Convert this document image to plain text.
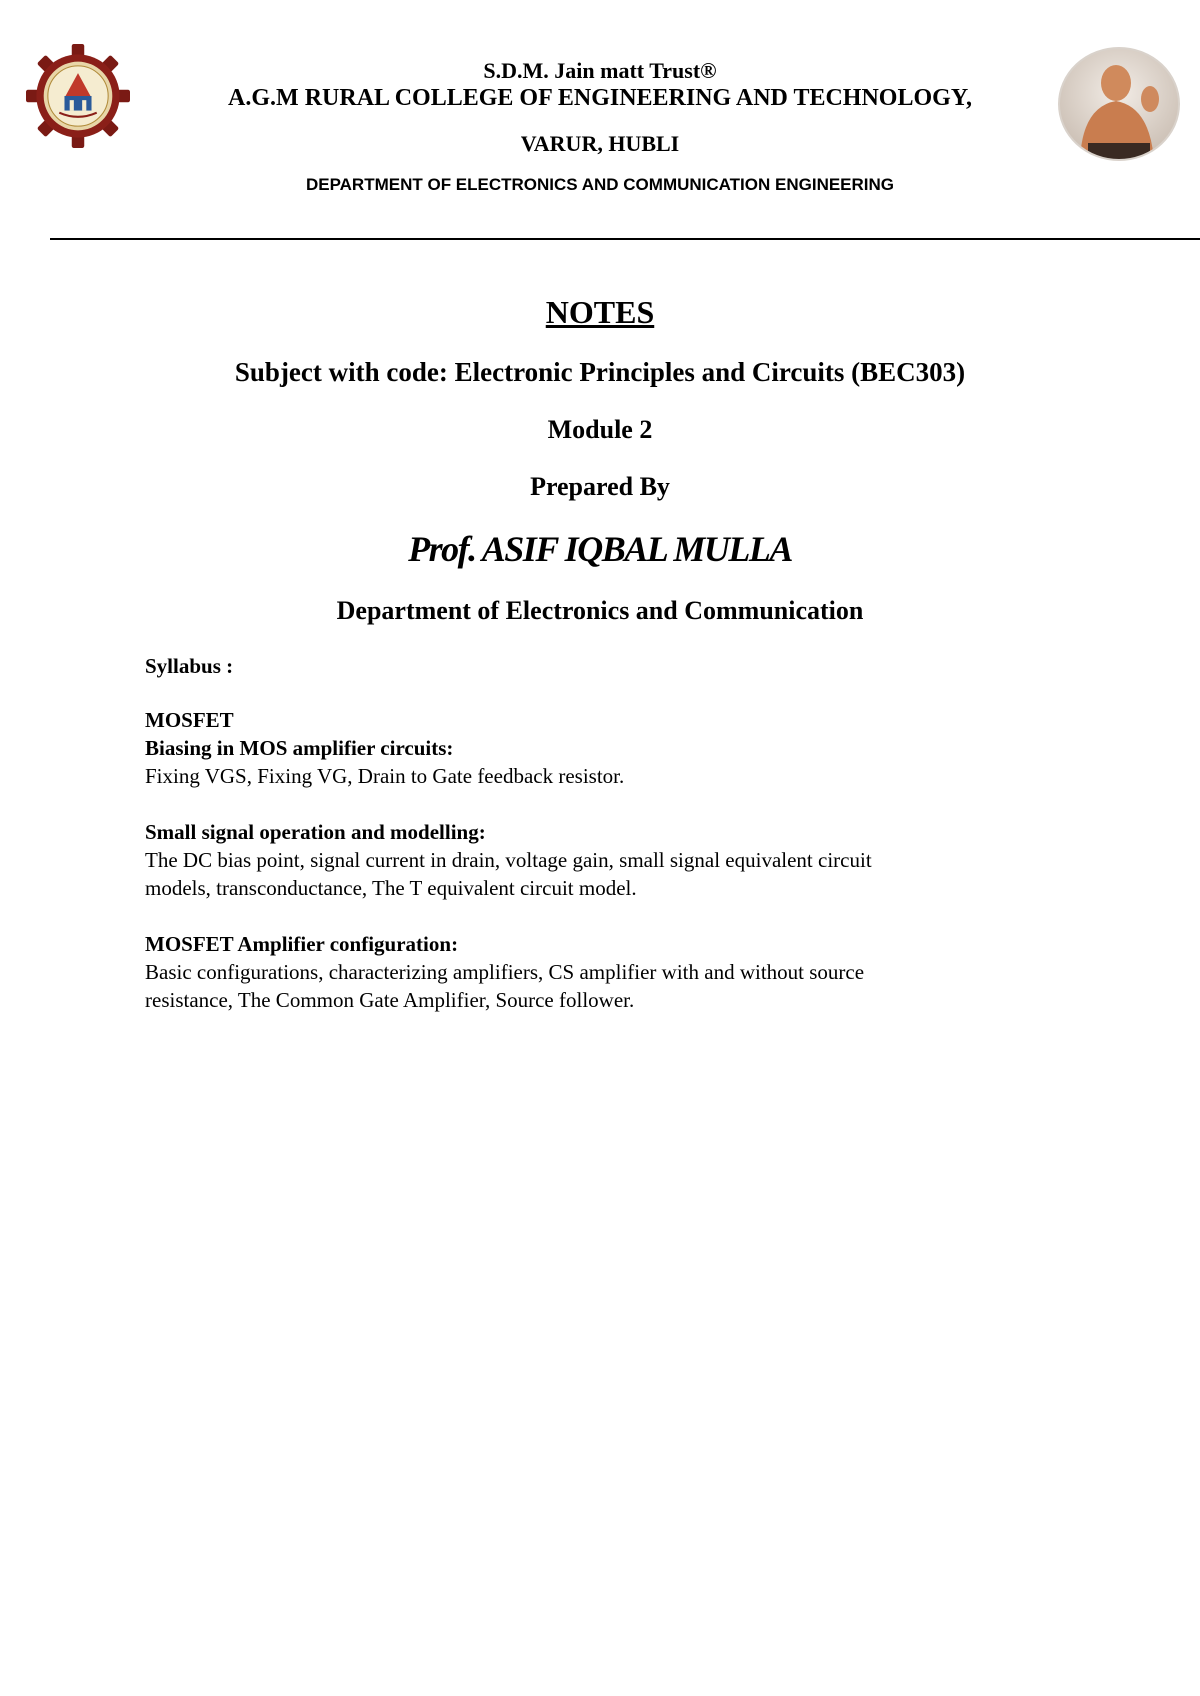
S.D.M. Jain matt Trust®
A.G.M RURAL COLLEGE OF ENGINEERING AND TECHNOLOGY,
VARUR, HUBLI
DEPARTMENT OF ELECTRONICS AND COMMUNICATION ENGINEERING
NOTES
Subject with code: Electronic Principles and Circuits (BEC303)
Module 2
Prepared By
Prof. ASIF IQBAL MULLA
Department of Electronics and Communication

Syllabus :

MOSFET

Biasing in MOS amplifier circuits:

Fixing VGS, Fixing VG, Drain to Gate feedback resistor.

Small signal operation and modelling:

The DC bias point, signal current in drain, voltage gain, small signal equivalent circuit

models, transconductance, The T equivalent circuit model.

MOSFET Amplifier configuration:

Basic configurations, characterizing amplifiers, CS amplifier with and without source

resistance, The Common Gate Amplifier, Source follower.
